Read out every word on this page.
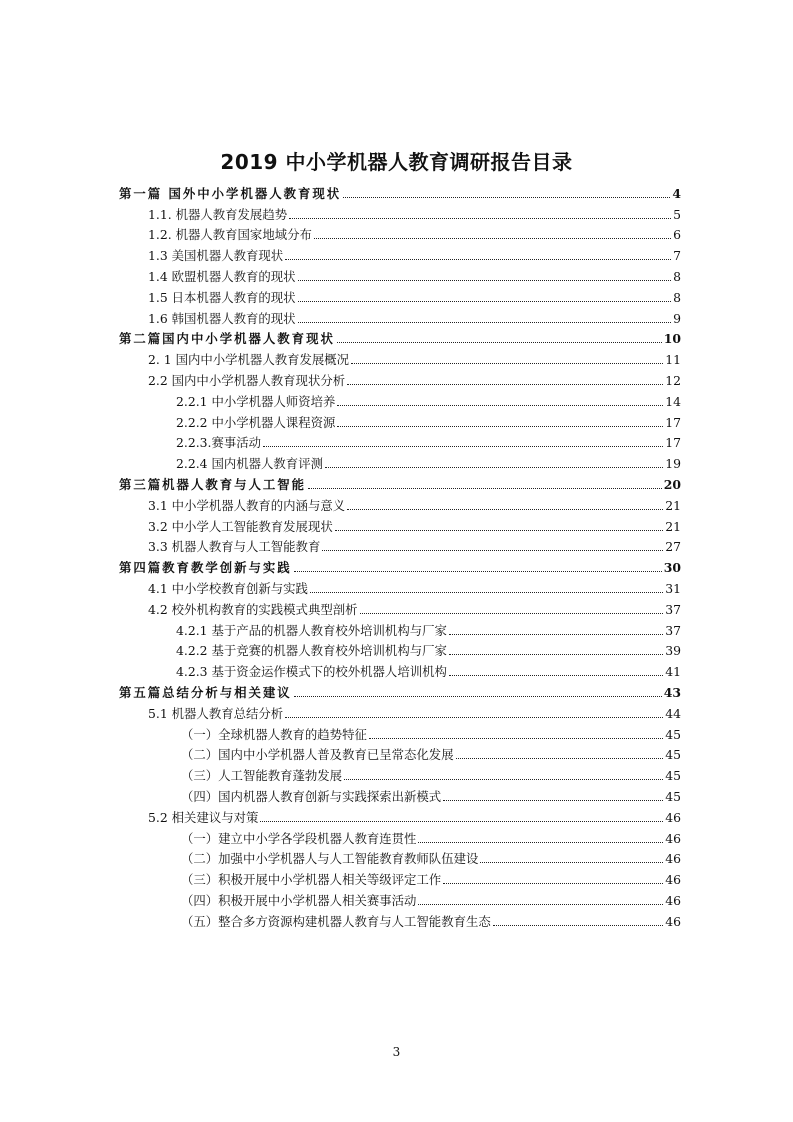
2019 中小学机器人教育调研报告目录
第一篇 国外中小学机器人教育现状	4
1.1. 机器人教育发展趋势	5
1.2. 机器人教育国家地域分布	6
1.3 美国机器人教育现状	7
1.4 欧盟机器人教育的现状	8
1.5 日本机器人教育的现状	8
1.6 韩国机器人教育的现状	9
第二篇国内中小学机器人教育现状	10
2. 1 国内中小学机器人教育发展概况	11
2.2 国内中小学机器人教育现状分析	12
2.2.1 中小学机器人师资培养	14
2.2.2 中小学机器人课程资源	17
2.2.3.赛事活动	17
2.2.4 国内机器人教育评测	19
第三篇机器人教育与人工智能	20
3.1 中小学机器人教育的内涵与意义	21
3.2 中小学人工智能教育发展现状	21
3.3 机器人教育与人工智能教育	27
第四篇教育教学创新与实践	30
4.1 中小学校教育创新与实践	31
4.2 校外机构教育的实践模式典型剖析	37
4.2.1 基于产品的机器人教育校外培训机构与厂家	37
4.2.2 基于竞赛的机器人教育校外培训机构与厂家	39
4.2.3 基于资金运作模式下的校外机器人培训机构	41
第五篇总结分析与相关建议	43
5.1 机器人教育总结分析	44
（一）全球机器人教育的趋势特征	45
（二）国内中小学机器人普及教育已呈常态化发展	45
（三）人工智能教育蓬勃发展	45
（四）国内机器人教育创新与实践探索出新模式	45
5.2 相关建议与对策	46
（一）建立中小学各学段机器人教育连贯性	46
（二）加强中小学机器人与人工智能教育教师队伍建设	46
（三）积极开展中小学机器人相关等级评定工作	46
（四）积极开展中小学机器人相关赛事活动	46
（五）整合多方资源构建机器人教育与人工智能教育生态	46
3
